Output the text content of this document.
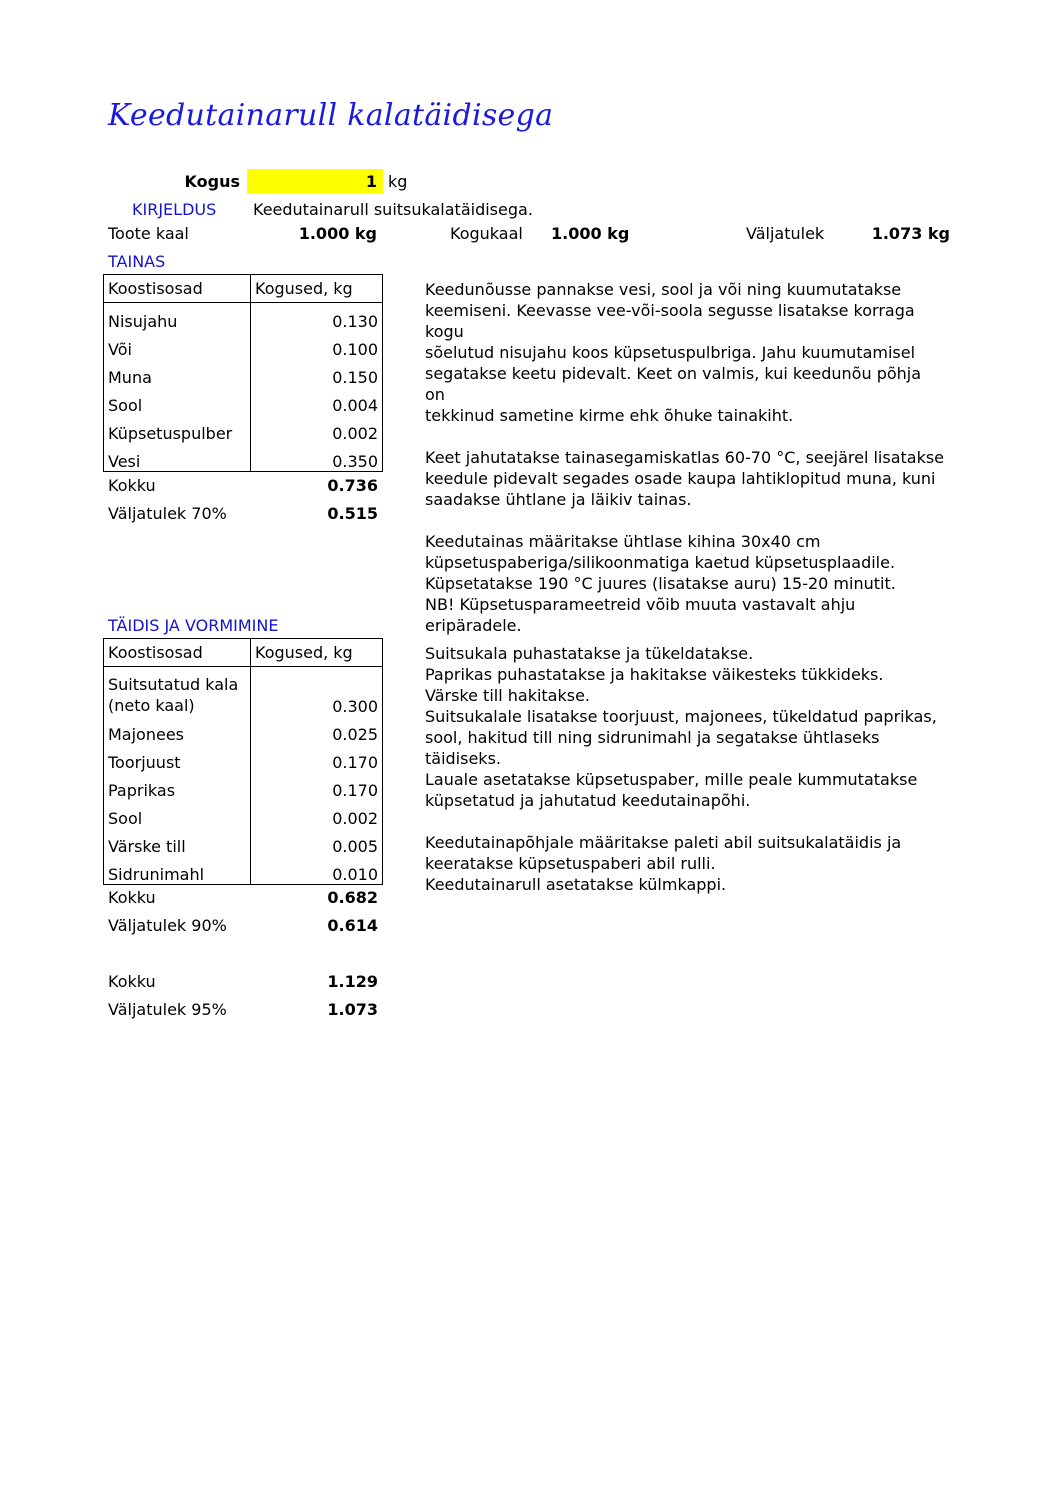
Keedutainarull kalatäidisega
Kogus	1 kg
KIRJELDUS Keedutainarull suitsukalatäidisega.
Toote kaal	1.000 kg	Kogukaal 1.000 kg	Väljatulek	1.073 kg
TAINAS
Koostisosad	Kogused, kg
Nisujahu	0.130
Või	0.100
Muna	0.150
Sool	0.004
Küpsetuspulber	0.002
Vesi	0.350
Kokku	0.736
Väljatulek 70%	0.515
Keedunõusse pannakse vesi, sool ja või ning kuumutatakse
keemiseni. Keevasse vee-või-soola segusse lisatakse korraga kogu
sõelutud nisujahu koos küpsetuspulbriga. Jahu kuumutamisel
segatakse keetu pidevalt. Keet on valmis, kui keedunõu põhja on
tekkinud sametine kirme ehk õhuke tainakiht.

Keet jahutatakse tainasegamiskatlas 60-70 °C, seejärel lisatakse
keedule pidevalt segades osade kaupa lahtiklopitud muna, kuni
saadakse ühtlane ja läikiv tainas.

Keedutainas määritakse ühtlase kihina 30x40 cm
küpsetuspaberiga/silikoonmatiga kaetud küpsetusplaadile.
Küpsetatakse 190 °C juures (lisatakse auru) 15-20 minutit.
NB! Küpsetusparameetreid võib muuta vastavalt ahju eripäradele.
TÄIDIS JA VORMIMINE
Koostisosad	Kogused, kg
Suitsutatud kala (neto kaal)	0.300
Majonees	0.025
Toorjuust	0.170
Paprikas	0.170
Sool	0.002
Värske till	0.005
Sidrunimahl	0.010
Kokku	0.682
Väljatulek 90%	0.614
Suitsukala puhastatakse ja tükeldatakse.
Paprikas puhastatakse ja hakitakse väikesteks tükkideks.
Värske till hakitakse.
Suitsukalale lisatakse toorjuust, majonees, tükeldatud paprikas,
sool, hakitud till ning sidrunimahl ja segatakse ühtlaseks täidiseks.
Lauale asetatakse küpsetuspaber, mille peale kummutatakse
küpsetatud ja jahutatud keedutainapõhi.

Keedutainapõhjale määritakse paleti abil suitsukalatäidis ja
keeratakse küpsetuspaberi abil rulli.
Keedutainarull asetatakse külmkappi.
Kokku	1.129
Väljatulek 95%	1.073
